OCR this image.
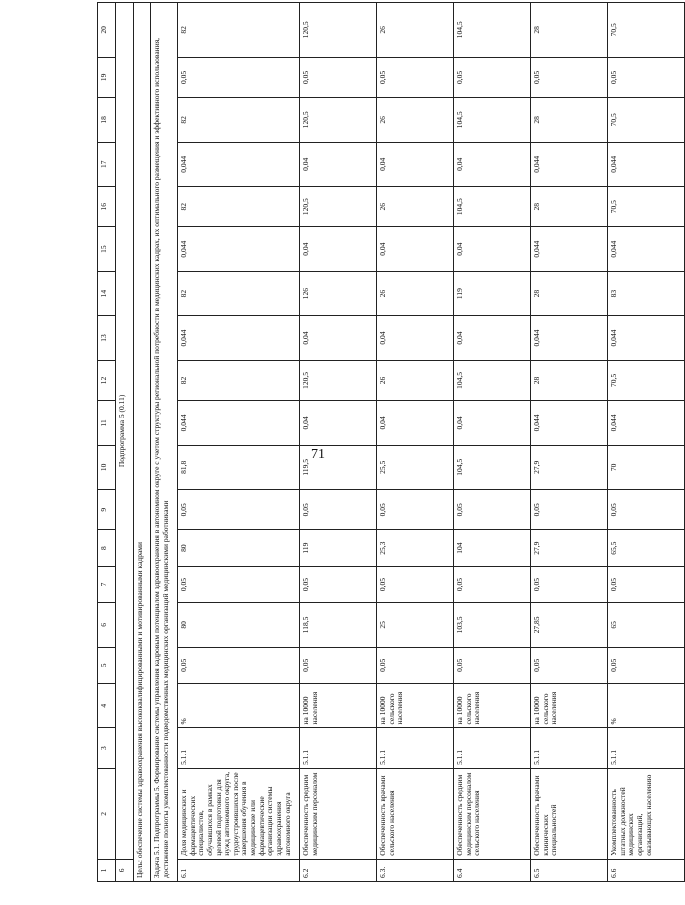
71
1	2	3	4	5	6	7	8	9	10	11	12	13	14	15	16	17	18	19	20
6	Подпрограмма 5 (0.11)																		
Цель: обеспечение системы здравоохранения высококвалифицированными и мотивированными кадрами																			
Задача 5.1. Подпрограммы 5. Формирование системы управления кадровым потенциалом здравоохранения в автономном округе с учетом структуры региональной потребности в медицинских кадрах, их оптимального размещения и эффективного использования, достижение полноты укомплектованности подведомственных медицинских организаций медицинскими работниками																			
6.1	Доля медицинских и фармацевтических специалистов, обучавшихся в рамках целевой подготовки для нужд автономного округа, трудоустроившихся после завершения обучения в медицинские или фармацевтические организации системы здравоохранения автономного округа	5.1.1	%	0,05	80	0,05	80	0,05	81,8	0,044	82	0,044	82	0,044	82	0,044	82	0,05	82
6.2	Обеспеченность средним медицинским персоналом	5.1.1	на 10000 населения	0,05	118,5	0,05	119	0,05	119,5	0,04	120,5	0,04	126	0,04	120,5	0,04	120,5	0,05	120,5
6.3.	Обеспеченность врачами сельского населения	5.1.1	на 10000 сельского населения	0,05	25	0,05	25,3	0,05	25,5	0,04	26	0,04	26	0,04	26	0,04	26	0,05	26
6.4	Обеспеченность средним медицинским персоналом сельского населения	5.1.1	на 10000 сельского населения	0,05	103,5	0,05	104	0,05	104,5	0,04	104,5	0,04	119	0,04	104,5	0,04	104,5	0,05	104,5
6.5	Обеспеченность врачами клинических специальностей	5.1.1	на 10000 сельского населения	0,05	27,85	0,05	27,9	0,05	27,9	0,044	28	0,044	28	0,044	28	0,044	28	0,05	28
6.6	Укомплектованность штатных должностей медицинских организаций, оказывающих населению	5.1.1	%	0,05	65	0,05	65,5	0,05	70	0,044	70,5	0,044	83	0,044	70,5	0,044	70,5	0,05	70,5
